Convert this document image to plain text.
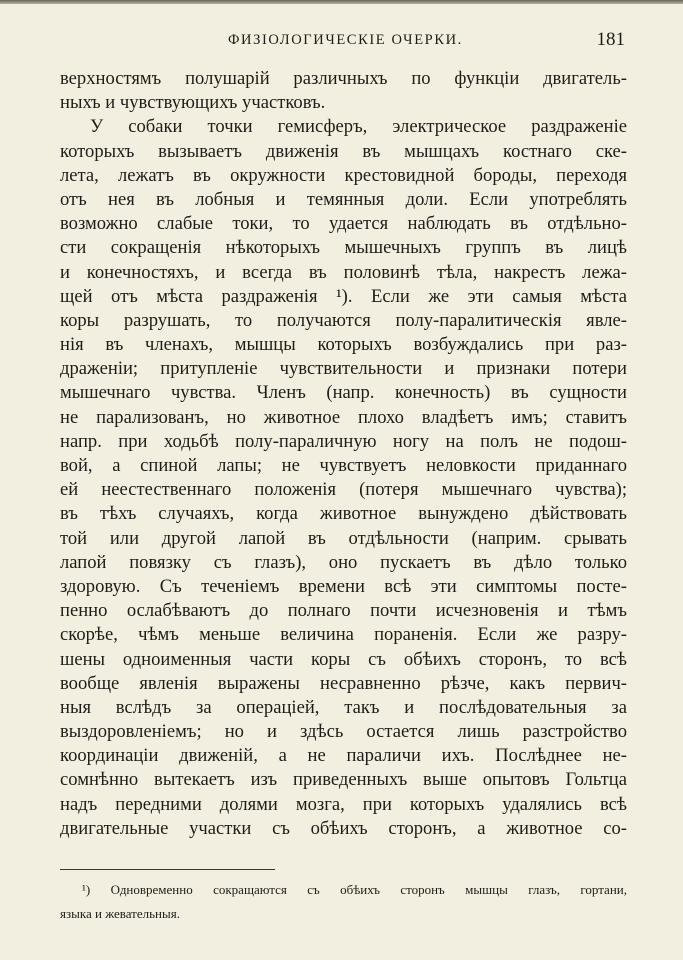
ФИЗIОЛОГИЧЕСКIЕ ОЧЕРКИ.	181
верхностямъ полушарій различныхъ по функціи двигатель-
ныхъ и чувствующихъ участковъ.
У собаки точки гемисферъ, электрическое раздраженіе
которыхъ вызываетъ движенія въ мышцахъ костнаго ске-
лета, лежатъ въ окружности крестовидной бороды, переходя
отъ нея въ лобныя и темянныя доли. Если употреблять
возможно слабые токи, то удается наблюдать въ отдѣльно-
сти сокращенія нѣкоторыхъ мышечныхъ группъ въ лицѣ
и конечностяхъ, и всегда въ половинѣ тѣла, накрестъ лежа-
щей отъ мѣста раздраженія ¹). Если же эти самыя мѣста
коры разрушать, то получаются полу-паралитическія явле-
нія въ членахъ, мышцы которыхъ возбуждались при раз-
драженіи; притупленіе чувствительности и признаки потери
мышечнаго чувства. Членъ (напр. конечность) въ сущности
не парализованъ, но животное плохо владѣетъ имъ; ставитъ
напр. при ходьбѣ полу-параличную ногу на полъ не подош-
вой, а спиной лапы; не чувствуетъ неловкости приданнаго
ей неестественнаго положенія (потеря мышечнаго чувства);
въ тѣхъ случаяхъ, когда животное вынуждено дѣйствовать
той или другой лапой въ отдѣльности (наприм. срывать
лапой повязку съ глазъ), оно пускаетъ въ дѣло только
здоровую. Съ теченіемъ времени всѣ эти симптомы посте-
пенно ослабѣваютъ до полнаго почти исчезновенія и тѣмъ
скорѣе, чѣмъ меньше величина пораненія. Если же разру-
шены одноименныя части коры съ обѣихъ сторонъ, то всѣ
вообще явленія выражены несравненно рѣзче, какъ первич-
ныя вслѣдъ за операціей, такъ и послѣдовательныя за
выздоровленіемъ; но и здѣсь остается лишь разстройство
координаціи движеній, а не параличи ихъ. Послѣднее не-
сомнѣнно вытекаетъ изъ приведенныхъ выше опытовъ Гольтца
надъ передними долями мозга, при которыхъ удалялись всѣ
двигательные участки съ обѣихъ сторонъ, а животное со-
¹) Одновременно сокращаются съ обѣихъ сторонъ мышцы глазъ, гортани,
языка и жевательныя.
